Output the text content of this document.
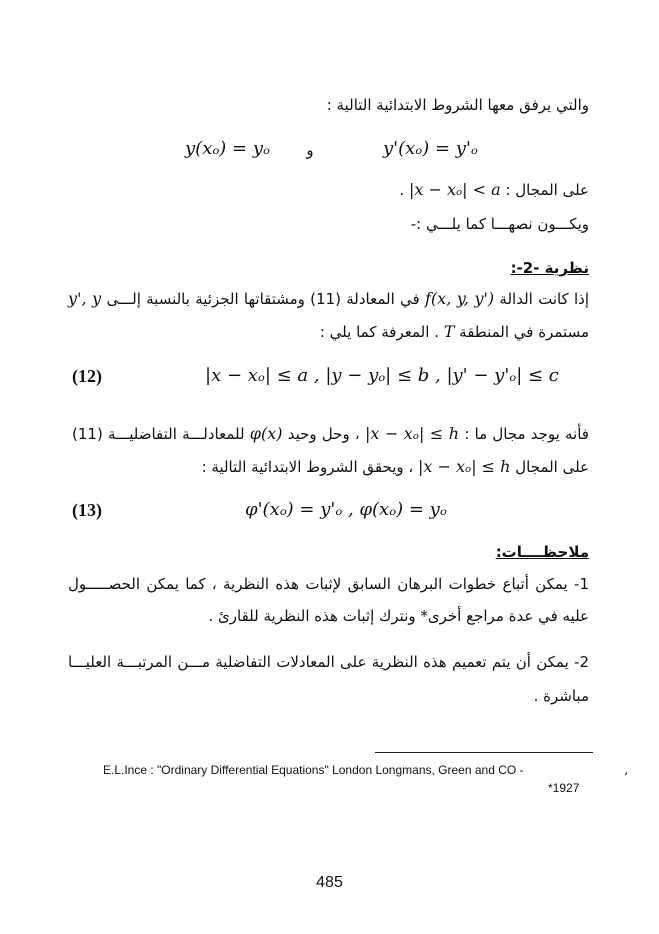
والتي يرفق معها الشروط الابتدائية التالية :
y'(xₒ) = y'ₒ
و
y(xₒ) = yₒ
على المجال : |x − xₒ| < a .
ويكـــون نصهـــا كما يلـــي :-
نظرية -2-:
إذا كانت الدالة f(x, y, y') في المعادلة (11) ومشتقاتها الجزئية بالنسبة إلـــى y', y
مستمرة في المنطقة T . المعرفة كما يلي :
(12)	|x − xₒ| ≤ a , |y − yₒ| ≤ b , |y' − y'ₒ| ≤ c
فأنه يوجد مجال ما : |x − xₒ| ≤ h ، وحل وحيد φ(x) للمعادلـــة التفاضليـــة (11)
على المجال |x − xₒ| ≤ h ، ويحقق الشروط الابتدائية التالية :
(13)	φ'(xₒ) = y'ₒ , φ(xₒ) = yₒ
ملاحظــــات:
1- يمكن أتباع خطوات البرهان السابق لإثبات هذه النظرية ، كما يمكن الحصـــــول
عليه في عدة مراجع أخرى* ونترك إثبات هذه النظرية للقارئ .
2- يمكن أن يتم تعميم هذه النظرية على المعادلات التفاضلية مـــن المرتبـــة العليـــا
مباشرة .
E.L.Ince : "Ordinary Differential Equations" London Longmans, Green and CO -	،
*1927
485
